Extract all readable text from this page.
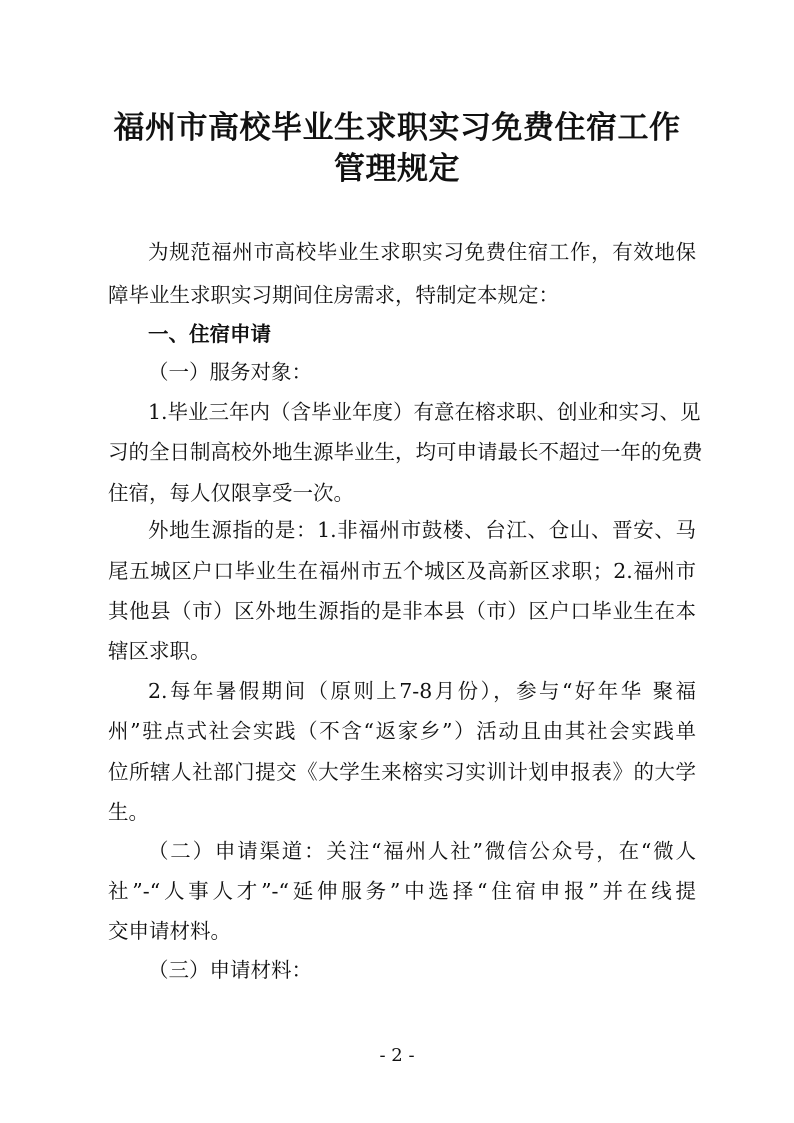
福州市高校毕业生求职实习免费住宿工作
管理规定

为规范福州市高校毕业生求职实习免费住宿工作，有效地保

障毕业生求职实习期间住房需求，特制定本规定：

一、住宿申请

（一）服务对象：

1.毕业三年内（含毕业年度）有意在榕求职、创业和实习、见

习的全日制高校外地生源毕业生，均可申请最长不超过一年的免费

住宿，每人仅限享受一次。

外地生源指的是：1.非福州市鼓楼、台江、仓山、晋安、马

尾五城区户口毕业生在福州市五个城区及高新区求职；2.福州市

其他县（市）区外地生源指的是非本县（市）区户口毕业生在本

辖区求职。

2.每年暑假期间（原则上7-8月份），参与“好年华 聚福

州”驻点式社会实践（不含“返家乡”）活动且由其社会实践单

位所辖人社部门提交《大学生来榕实习实训计划申报表》的大学

生。

（二）申请渠道：关注“福州人社”微信公众号，在“微人

社”-“人事人才”-“延伸服务”中选择“住宿申报”并在线提

交申请材料。

（三）申请材料：

- 2 -
